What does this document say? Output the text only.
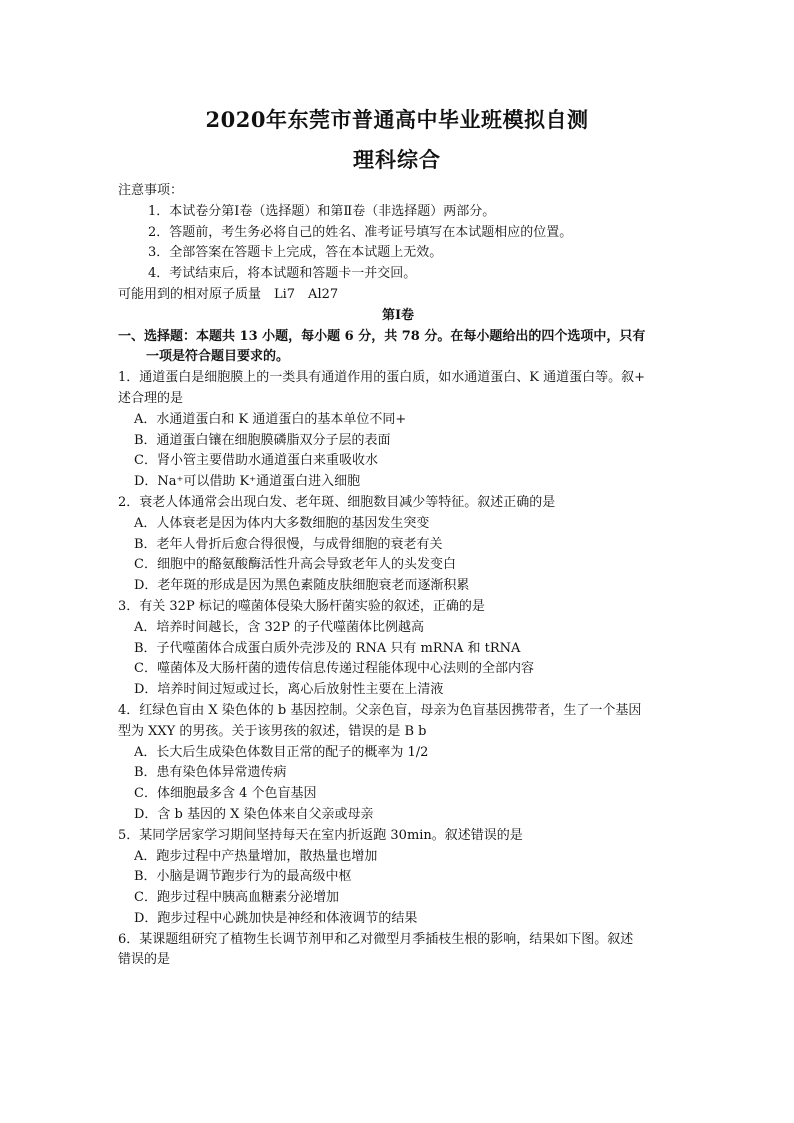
2020年东莞市普通高中毕业班模拟自测
理科综合
注意事项：
1．本试卷分第Ⅰ卷（选择题）和第Ⅱ卷（非选择题）两部分。
2．答题前，考生务必将自己的姓名、准考证号填写在本试题相应的位置。
3．全部答案在答题卡上完成，答在本试题上无效。
4．考试结束后，将本试题和答题卡一并交回。
可能用到的相对原子质量　Li7　Al27
第Ⅰ卷
一、选择题：本题共 13 小题，每小题 6 分，共 78 分。在每小题给出的四个选项中，只有
一项是符合题目要求的。
1．通道蛋白是细胞膜上的一类具有通道作用的蛋白质，如水通道蛋白、K 通道蛋白等。叙+
述合理的是
A．水通道蛋白和 K 通道蛋白的基本单位不同+
B．通道蛋白镶在细胞膜磷脂双分子层的表面
C．肾小管主要借助水通道蛋白来重吸收水
D．Na⁺可以借助 K⁺通道蛋白进入细胞
2．衰老人体通常会出现白发、老年斑、细胞数目减少等特征。叙述正确的是
A．人体衰老是因为体内大多数细胞的基因发生突变
B．老年人骨折后愈合得很慢，与成骨细胞的衰老有关
C．细胞中的酪氨酸酶活性升高会导致老年人的头发变白
D．老年斑的形成是因为黑色素随皮肤细胞衰老而逐渐积累
3．有关 32P 标记的噬菌体侵染大肠杆菌实验的叙述，正确的是
A．培养时间越长，含 32P 的子代噬菌体比例越高
B．子代噬菌体合成蛋白质外壳涉及的 RNA 只有 mRNA 和 tRNA
C．噬菌体及大肠杆菌的遗传信息传递过程能体现中心法则的全部内容
D．培养时间过短或过长，离心后放射性主要在上清液
4．红绿色盲由 X 染色体的 b 基因控制。父亲色盲，母亲为色盲基因携带者，生了一个基因
型为 XXY 的男孩。关于该男孩的叙述，错误的是 B b
A．长大后生成染色体数目正常的配子的概率为 1/2
B．患有染色体异常遗传病
C．体细胞最多含 4 个色盲基因
D．含 b 基因的 X 染色体来自父亲或母亲
5．某同学居家学习期间坚持每天在室内折返跑 30min。叙述错误的是
A．跑步过程中产热量增加，散热量也增加
B．小脑是调节跑步行为的最高级中枢
C．跑步过程中胰高血糖素分泌增加
D．跑步过程中心跳加快是神经和体液调节的结果
6．某课题组研究了植物生长调节剂甲和乙对微型月季插枝生根的影响，结果如下图。叙述
错误的是
